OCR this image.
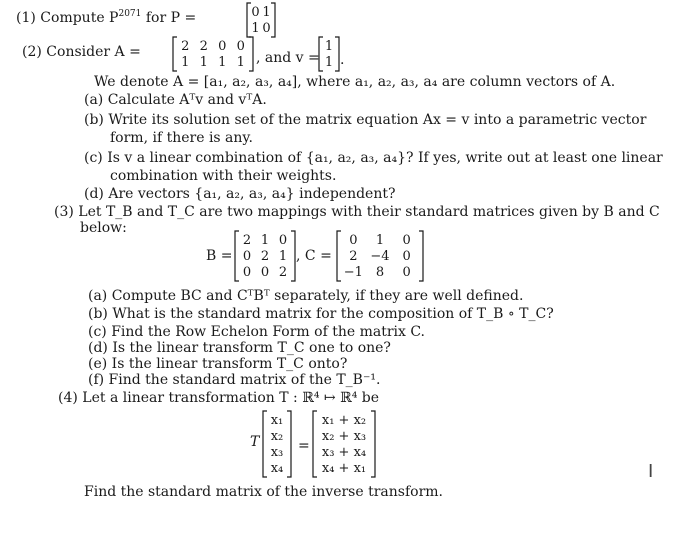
(1) Compute $P^{2071}$ for P =	0 1
1 0
(2) Consider A =	2 2 0 0
1 1 1 1 , and v =
1
1 .
We denote A = [a₁, a₂, a₃, a₄], where a₁, a₂, a₃, a₄ are column vectors of A.
(a) Calculate Aᵀv and vᵀA.
(b) Write its solution set of the matrix equation Ax = v into a parametric vector
form, if there is any.
(c) Is v a linear combination of {a₁, a₂, a₃, a₄}? If yes, write out at least one linear
combination with their weights.
(d) Are vectors {a₁, a₂, a₃, a₄} independent?
(3) Let T_B and T_C are two mappings with their standard matrices given by B and C
below:
B =
2 1 0
0 2 1
0 0 2
, C =
0	1	0
2 −4 0
−1 8	0
(a) Compute BC and CᵀBᵀ separately, if they are well defined.
(b) What is the standard matrix for the composition of T_B ∘ T_C?
(c) Find the Row Echelon Form of the matrix C.
(d) Is the linear transform T_C one to one?
(e) Is the linear transform T_C onto?
(f) Find the standard matrix of the T_B⁻¹.
(4) Let a linear transformation T : ℝ⁴ ↦ ℝ⁴ be
T
x₁
x₂
x₃
x₄
=
x₁ + x₂
x₂ + x₃
x₃ + x₄
x₄ + x₁
Find the standard matrix of the inverse transform.
I
